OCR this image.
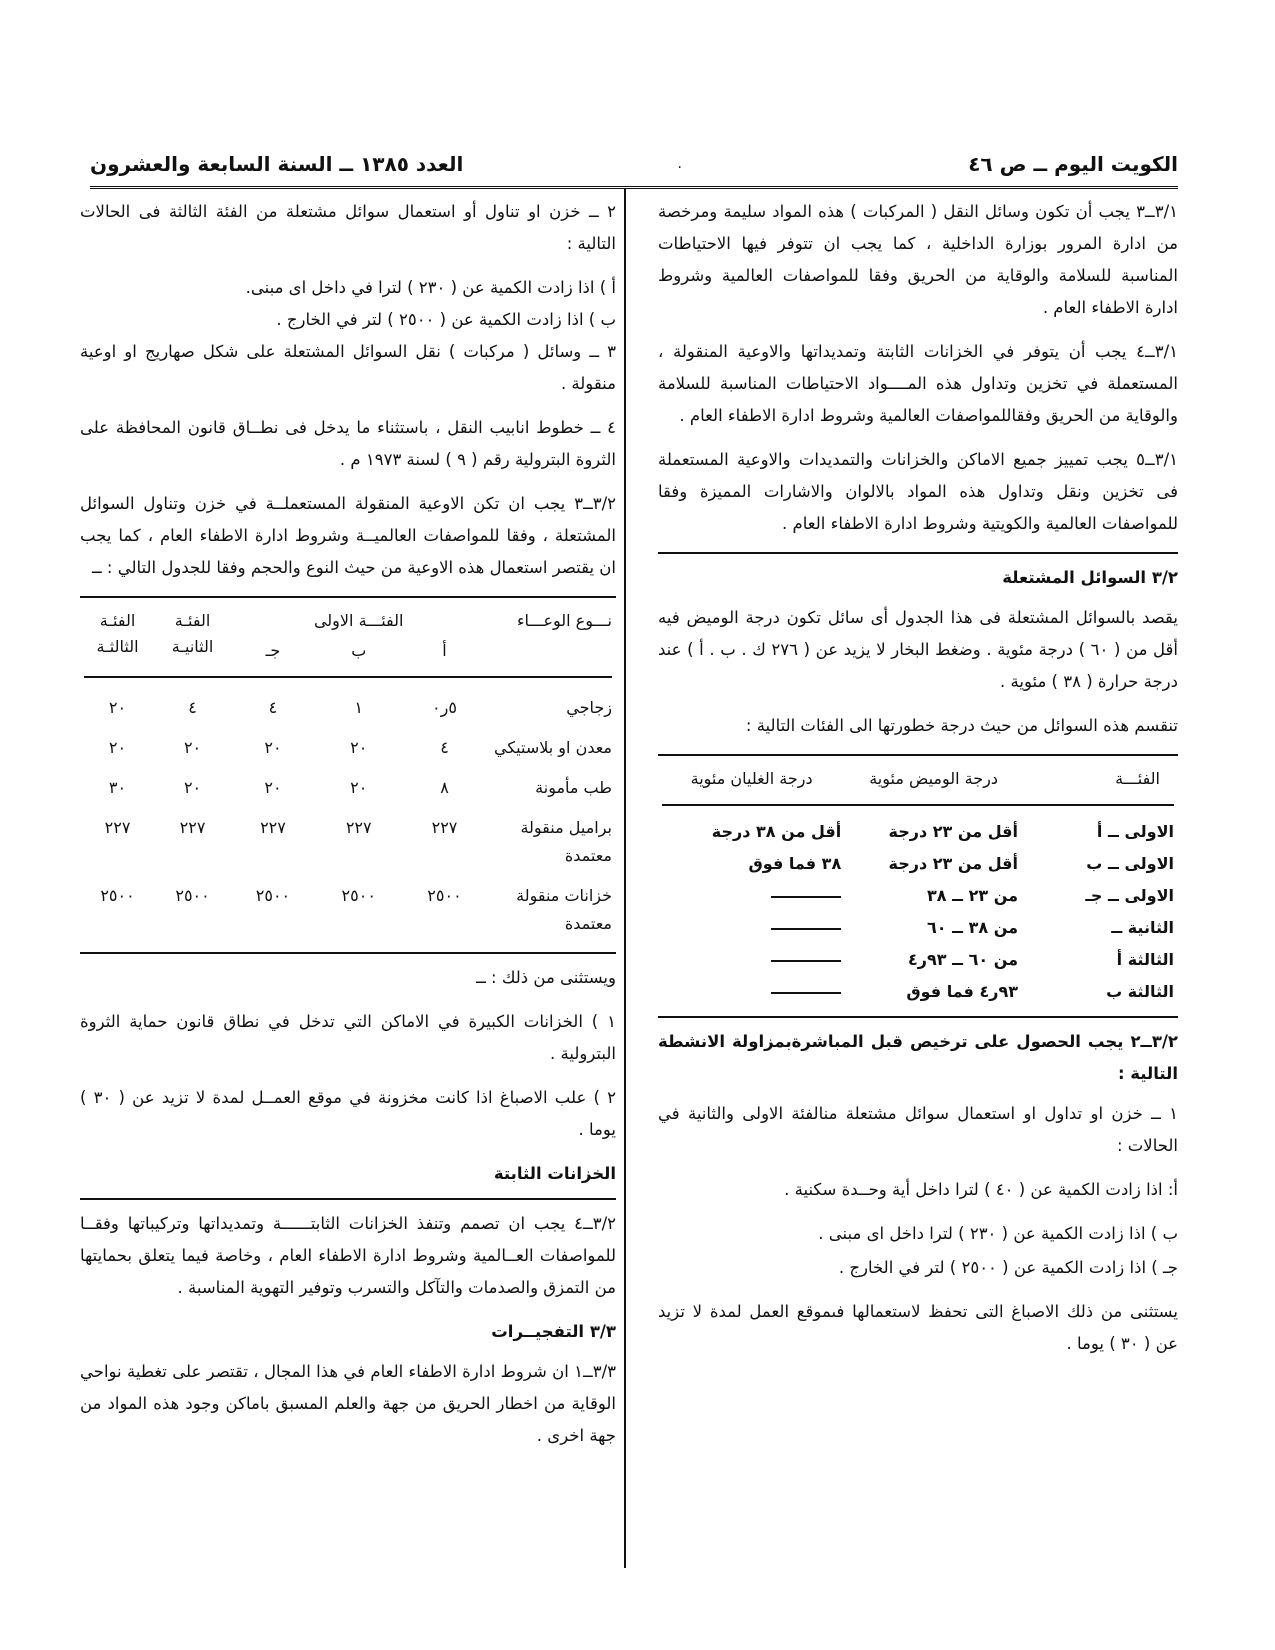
الكويت اليوم ــ ص ٤٦
.
العدد ١٣٨٥ ــ السنة السابعة والعشرون

٣/١ــ٣ يجب أن تكون وسائل النقل ( المركبات ) هذه المواد سليمة ومرخصة من ادارة المرور بوزارة الداخلية ، كما يجب ان تتوفر فيها الاحتياطات المناسبة للسلامة والوقاية من الحريق وفقا للمواصفات العالمية وشروط ادارة الاطفاء العام .

٣/١ــ٤ يجب أن يتوفر في الخزانات الثابتة وتمديداتها والاوعية المنقولة ، المستعملة في تخزين وتداول هذه المــــواد الاحتياطات المناسبة للسلامة والوقاية من الحريق وفقاللمواصفات العالمية وشروط ادارة الاطفاء العام .

٣/١ــ٥ يجب تمييز جميع الاماكن والخزانات والتمديدات والاوعية المستعملة فى تخزين ونقل وتداول هذه المواد بالالوان والاشارات المميزة وفقا للمواصفات العالمية والكويتية وشروط ادارة الاطفاء العام .

٣/٢ السوائل المشتعلة

يقصد بالسوائل المشتعلة فى هذا الجدول أى سائل تكون درجة الوميض فيه أقل من ( ٦٠ ) درجة مئوية . وضغط البخار لا يزيد عن ( ٢٧٦ ك . ب . أ ) عند درجة حرارة ( ٣٨ ) مئوية .

تنقسم هذه السوائل من حيث درجة خطورتها الى الفئات التالية :

الفئـــة	درجة الوميض مئوية	درجة الغليان مئوية

الاولى ــ أ	أقل من ٢٣ درجة	أقل من ٣٨ درجة
الاولى ــ ب	أقل من ٢٣ درجة	٣٨ فما فوق
الاولى ــ جـ	من ٢٣ ــ ٣٨	
الثانية ــ	من ٣٨ ــ ٦٠	
الثالثة أ	من ٦٠ ــ ٩٣ر٤	
الثالثة ب	٩٣ر٤ فما فوق	

٣/٢ــ٢ يجب الحصول على ترخيص قبل المباشرةبمزاولة الانشطة التالية :

١ ــ خزن او تداول او استعمال سوائل مشتعلة منالفئة الاولى والثانية في الحالات :

أ: اذا زادت الكمية عن ( ٤٠ ) لترا داخل أية وحــدة سكنية .

ب ) اذا زادت الكمية عن ( ٢٣٠ ) لترا داخل اى مبنى .

جـ ) اذا زادت الكمية عن ( ٢٥٠٠ ) لتر في الخارج .

يستثنى من ذلك الاصباغ التى تحفظ لاستعمالها فىموقع العمل لمدة لا تزيد عن ( ٣٠ ) يوما .

٢ ــ خزن او تناول أو استعمال سوائل مشتعلة من الفئة الثالثة فى الحالات التالية :

أ ) اذا زادت الكمية عن ( ٢٣٠ ) لترا في داخل اى مبنى.

ب ) اذا زادت الكمية عن ( ٢٥٠٠ ) لتر في الخارج .

٣ ــ وسائل ( مركبات ) نقل السوائل المشتعلة على شكل صهاريج او اوعية منقولة .

٤ ــ خطوط انابيب النقل ، باستثناء ما يدخل فى نطــاق قانون المحافظة على الثروة البترولية رقم ( ٩ ) لسنة ١٩٧٣ م .

٣/٢ــ٣ يجب ان تكن الاوعية المنقولة المستعملــة في خزن وتناول السوائل المشتعلة ، وفقا للمواصفات العالميــة وشروط ادارة الاطفاء العام ، كما يجب ان يقتصر استعمال هذه الاوعية من حيث النوع والحجم وفقا للجدول التالي : ــ

نـــوع الوعـــاء	الفئـــة الاولى			الفئـة الثانيـة	الفئـة الثالثـة
	أ	ب	جـ		

زجاجي	٥ر٠	١	٤	٤	٢٠
معدن او بلاستيكي	٤	٢٠	٢٠	٢٠	٢٠
طب مأمونة	٨	٢٠	٢٠	٢٠	٣٠
براميل منقولة معتمدة	٢٢٧	٢٢٧	٢٢٧	٢٢٧	٢٢٧
خزانات منقولة معتمدة	٢٥٠٠	٢٥٠٠	٢٥٠٠	٢٥٠٠	٢٥٠٠

ويستثنى من ذلك : ــ

١ ) الخزانات الكبيرة في الاماكن التي تدخل في نطاق قانون حماية الثروة البترولية .

٢ ) علب الاصباغ اذا كانت مخزونة في موقع العمــل لمدة لا تزيد عن ( ٣٠ ) يوما .

الخزانات الثابتة

٣/٢ــ٤ يجب ان تصمم وتنفذ الخزانات الثابتــــــة وتمديداتها وتركيباتها وفقــا للمواصفات العــالمية وشروط ادارة الاطفاء العام ، وخاصة فيما يتعلق بحمايتها من التمزق والصدمات والتآكل والتسرب وتوفير التهوية المناسبة .

٣/٣ التفجيــرات

٣/٣ــ١ ان شروط ادارة الاطفاء العام في هذا المجال ، تقتصر على تغطية نواحي الوقاية من اخطار الحريق من جهة والعلم المسبق باماكن وجود هذه المواد من جهة اخرى .
